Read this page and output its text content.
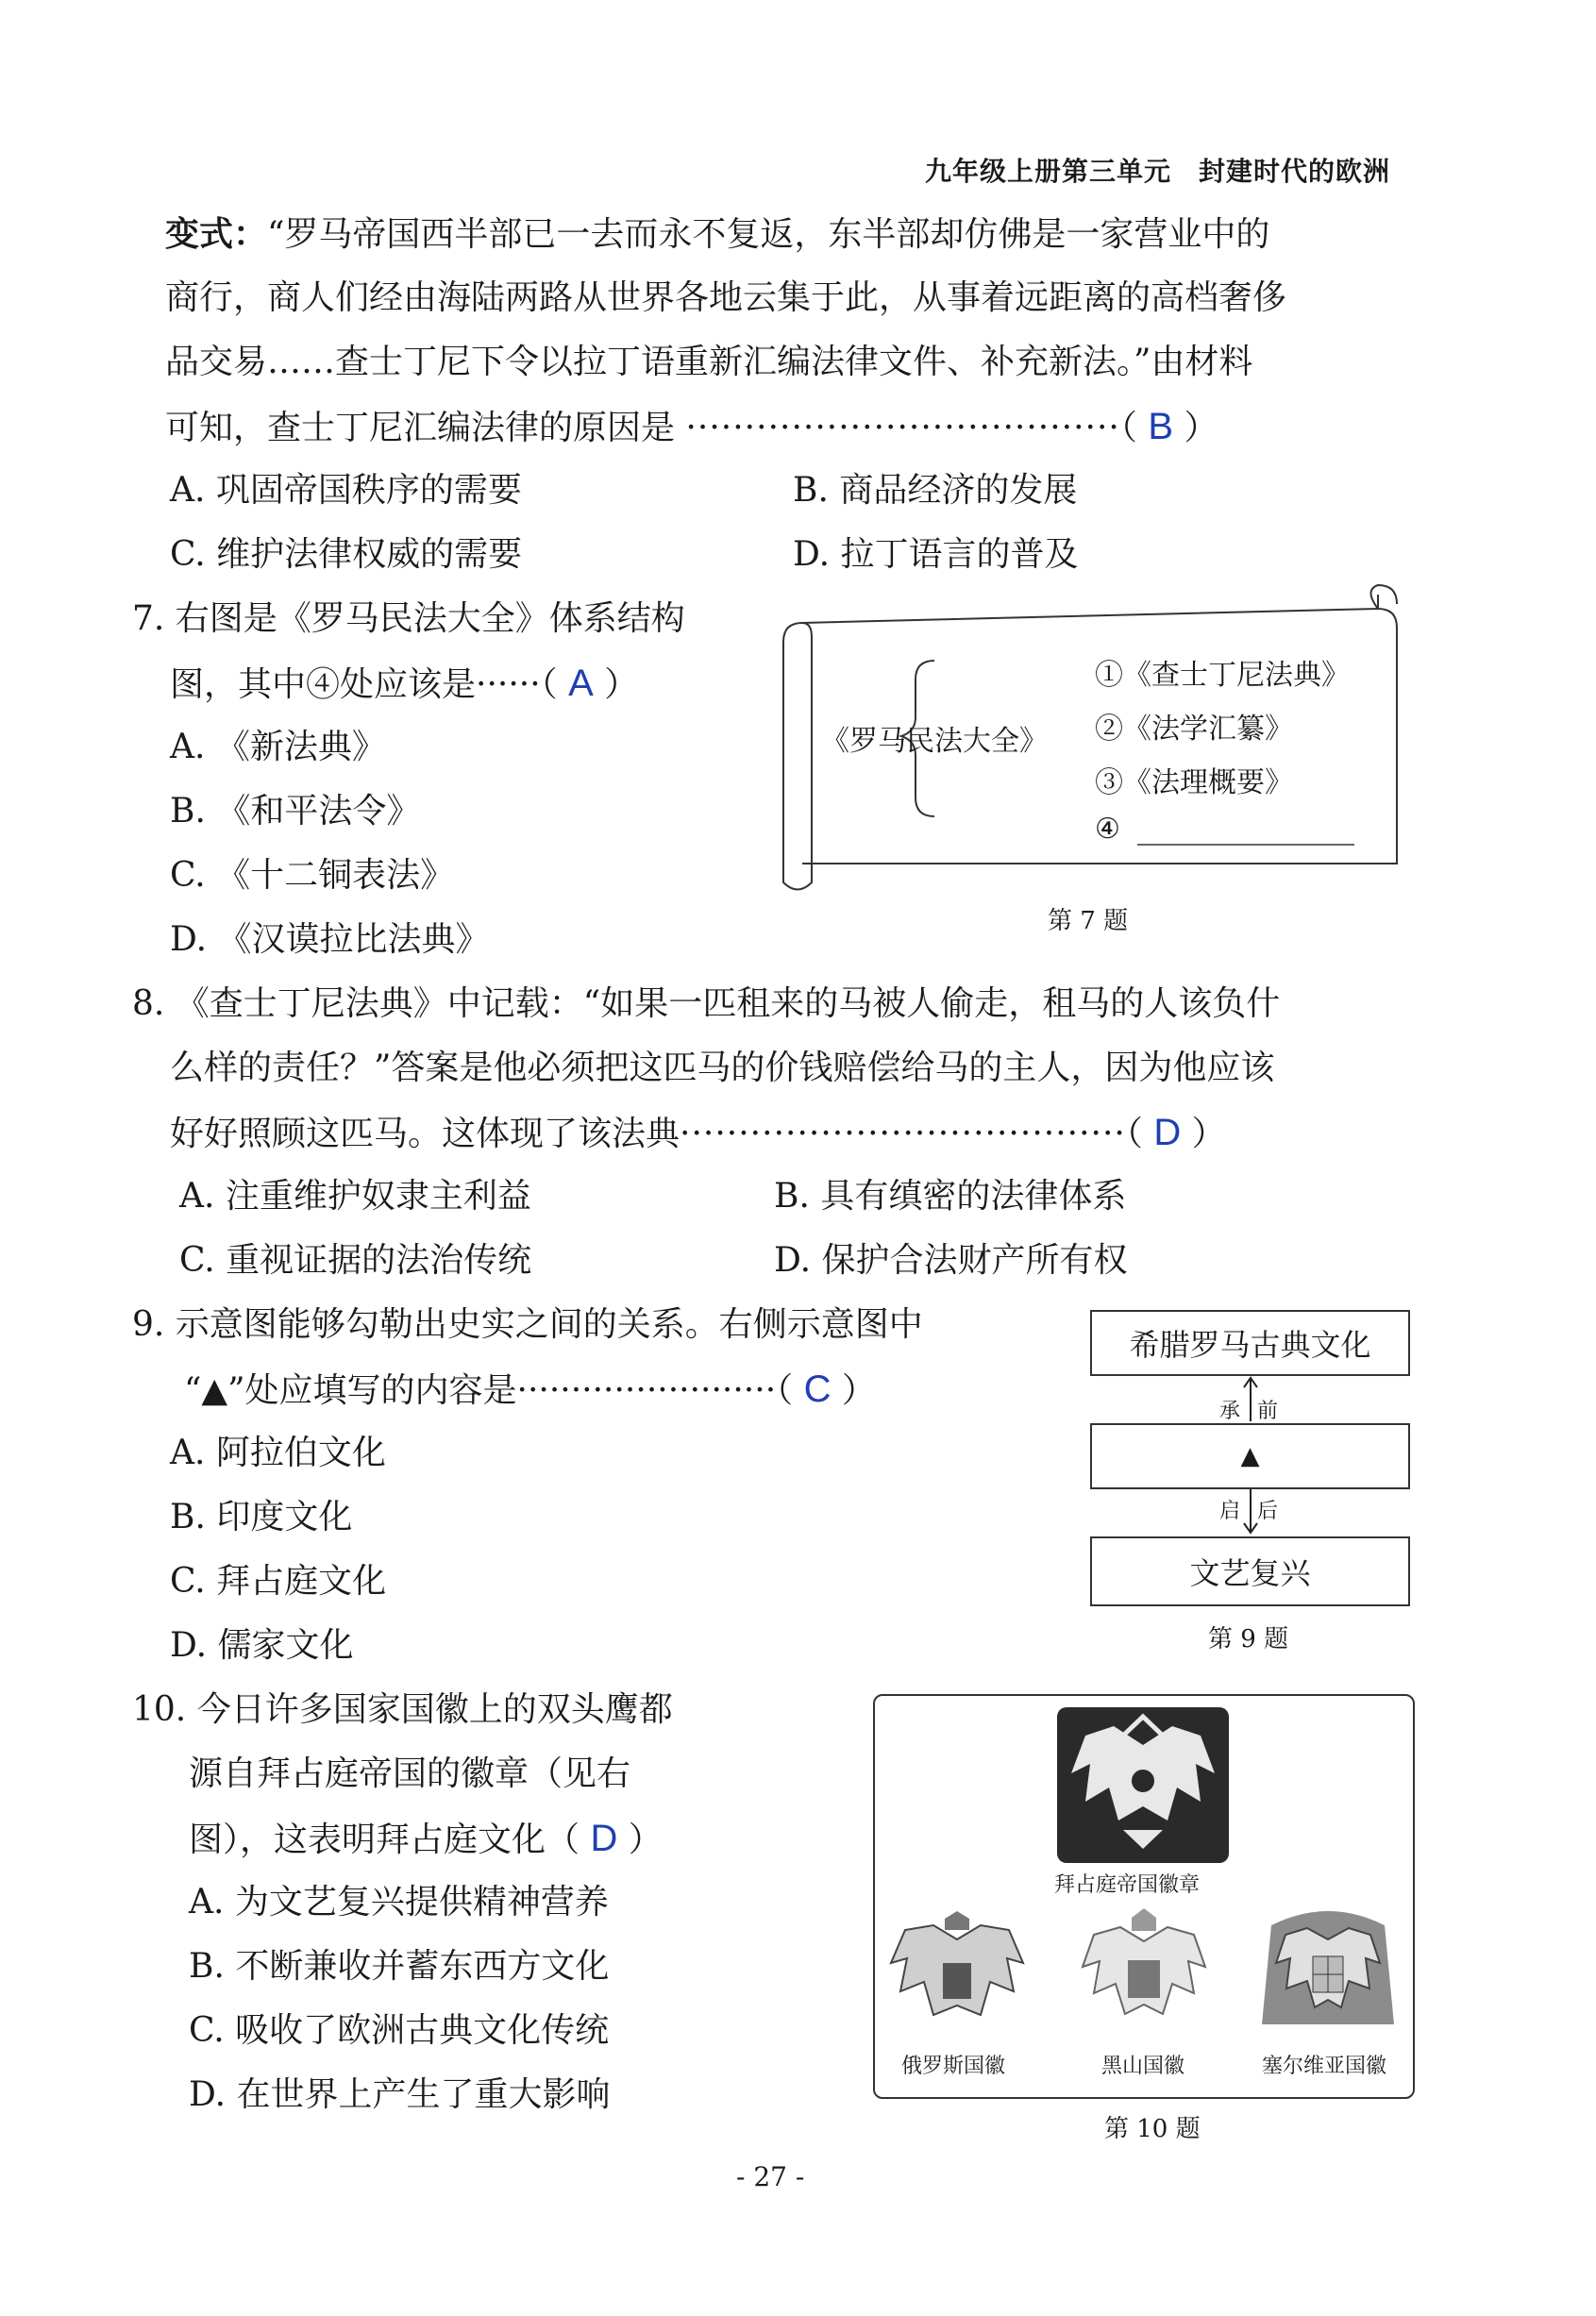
九年级上册第三单元　封建时代的欧洲
变式：“罗马帝国西半部已一去而永不复返，东半部却仿佛是一家营业中的
商行，商人们经由海陆两路从世界各地云集于此，从事着远距离的高档奢侈
品交易……查士丁尼下令以拉丁语重新汇编法律文件、补充新法。”由材料
可知，查士丁尼汇编法律的原因是 ·····································（ B ）
A. 巩固帝国秩序的需要	B. 商品经济的发展
C. 维护法律权威的需要	D. 拉丁语言的普及
7. 右图是《罗马民法大全》体系结构
图，其中④处应该是······（ A ）
A. 《新法典》
B. 《和平法令》
C. 《十二铜表法》
D. 《汉谟拉比法典》
《罗马民法大全》
①《查士丁尼法典》
②《法学汇纂》
③《法理概要》
④
第 7 题
8. 《查士丁尼法典》中记载：“如果一匹租来的马被人偷走，租马的人该负什
么样的责任？”答案是他必须把这匹马的价钱赔偿给马的主人，因为他应该
好好照顾这匹马。这体现了该法典······································（ D ）
A. 注重维护奴隶主利益	B. 具有缜密的法律体系
C. 重视证据的法治传统	D. 保护合法财产所有权
9. 示意图能够勾勒出史实之间的关系。右侧示意图中
“▲”处应填写的内容是························（ C ）
A. 阿拉伯文化
B. 印度文化
C. 拜占庭文化
D. 儒家文化
希腊罗马古典文化
承 前
▲
启 后
文艺复兴
第 9 题
10. 今日许多国家国徽上的双头鹰都
源自拜占庭帝国的徽章（见右
图），这表明拜占庭文化（ D ）
A. 为文艺复兴提供精神营养
B. 不断兼收并蓄东西方文化
C. 吸收了欧洲古典文化传统
D. 在世界上产生了重大影响
拜占庭帝国徽章
俄罗斯国徽	黑山国徽	塞尔维亚国徽
第 10 题
- 27 -
